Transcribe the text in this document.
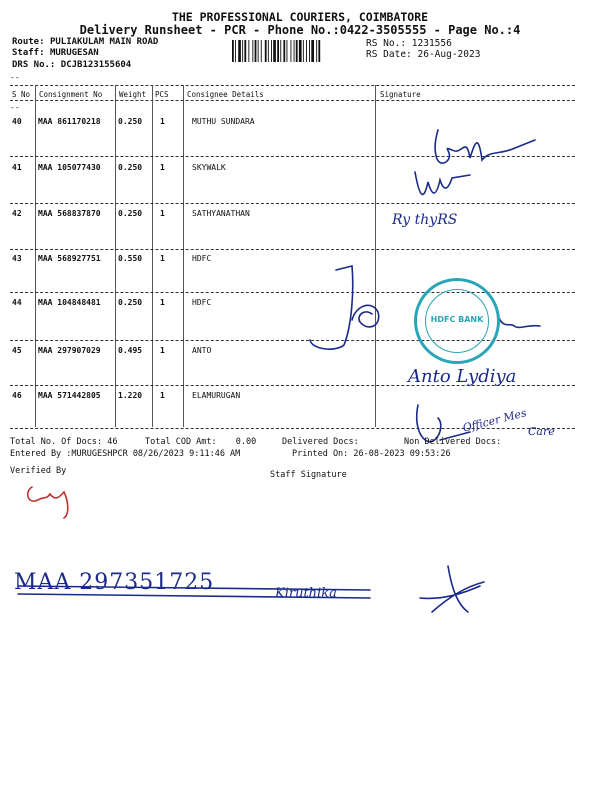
THE PROFESSIONAL COURIERS, COIMBATORE
Delivery Runsheet - PCR - Phone No.:0422-3505555 - Page No.:4
Route: PULIAKULAM MAIN ROAD
Staff: MURUGESAN
DRS No.: DCJB123155604
RS No.: 1231556
RS Date: 26-Aug-2023
--
--
S No Consignment No Weight PCS Consignee Details	Signature
40 MAA 861170218 0.250 1	MUTHU SUNDARA
41 MAA 105077430 0.250 1	SKYWALK
42 MAA 568837870 0.250 1	SATHYANATHAN
43 MAA 568927751 0.550 1	HDFC
44 MAA 104848481 0.250 1	HDFC
45 MAA 297907029 0.495 1	ANTO
46 MAA 571442805 1.220 1	ELAMURUGAN
Ry thyRS
Anto Lydiya
Officer Mes Care
HDFC BANK
Total No. Of Docs: 46	Total COD Amt: 0.00	Delivered Docs:	Non Delivered Docs:
Entered By :MURUGESHPCR 08/26/2023 9:11:46 AM	Printed On: 26-08-2023 09:53:26
Verified By	Staff Signature
MAA 297351725	Kiruthika
